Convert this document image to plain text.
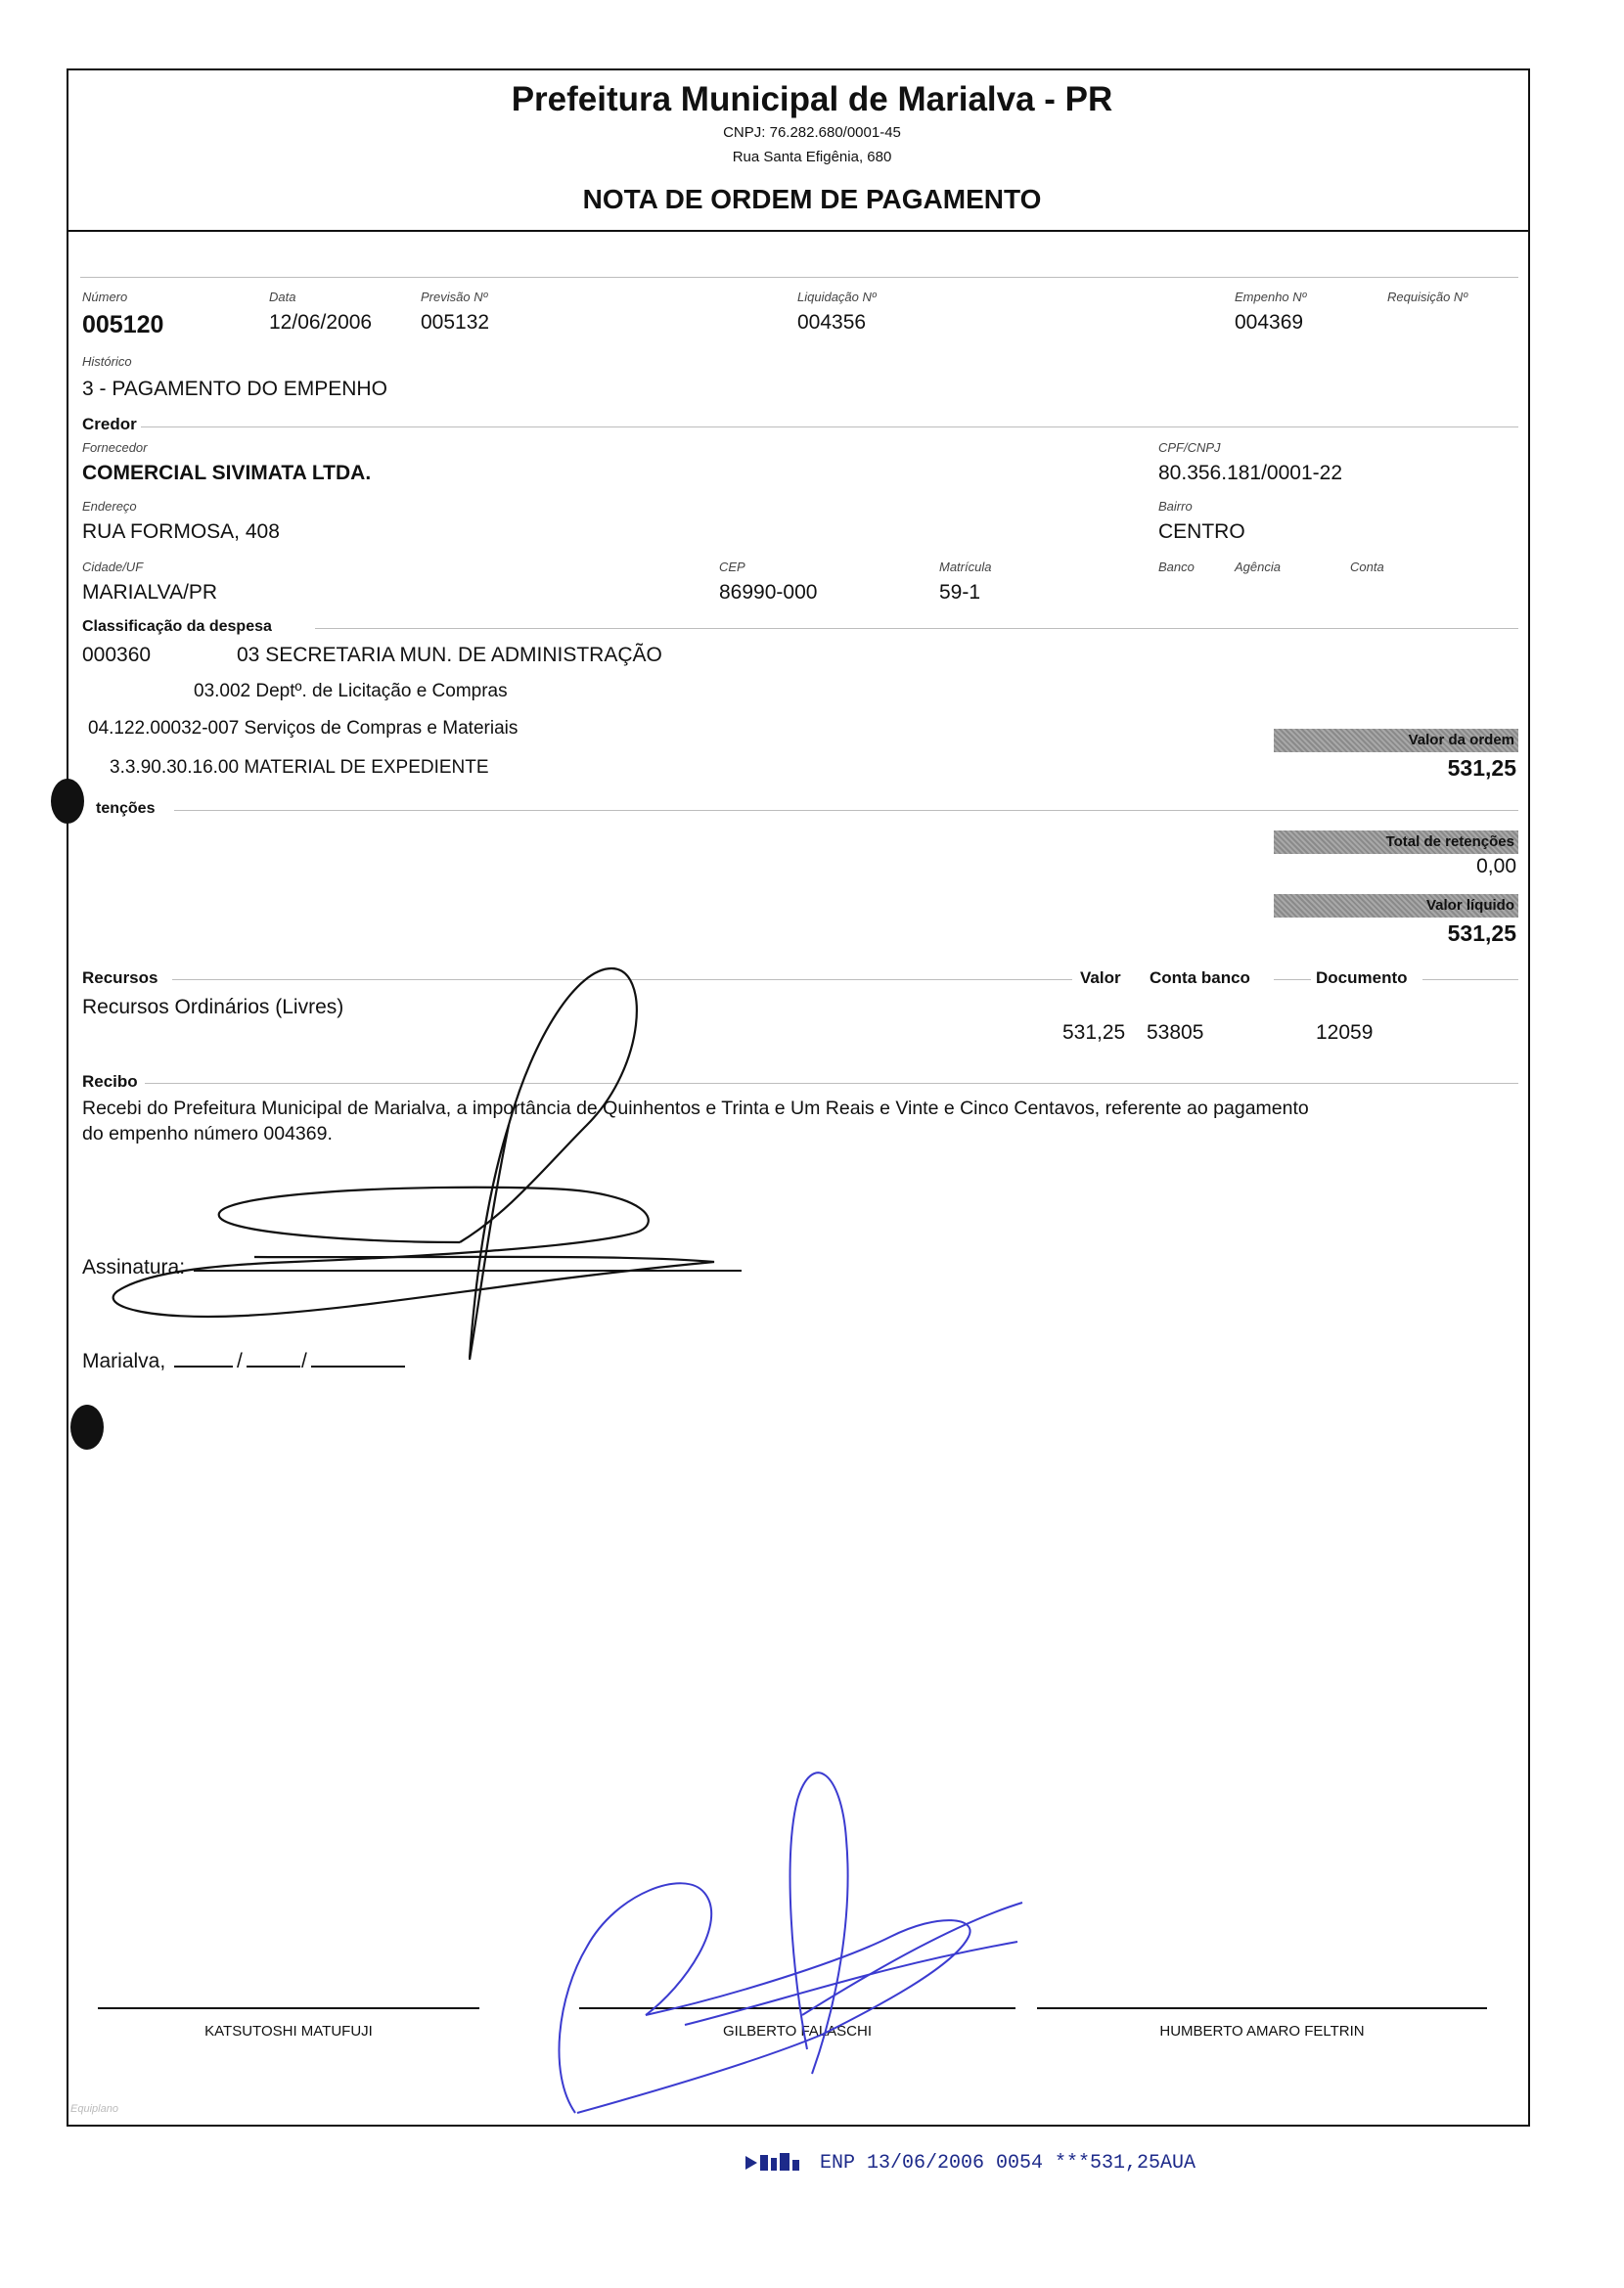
Prefeitura Municipal de Marialva - PR
CNPJ: 76.282.680/0001-45
Rua Santa Efigênia, 680
NOTA DE ORDEM DE PAGAMENTO
Número
005120
Data
12/06/2006
Previsão Nº
005132
Liquidação Nº
004356
Empenho Nº
004369
Requisição Nº
Histórico
3 - PAGAMENTO DO EMPENHO
Credor
Fornecedor
COMERCIAL SIVIMATA LTDA.
CPF/CNPJ
80.356.181/0001-22
Endereço
RUA FORMOSA, 408
Bairro
CENTRO
Cidade/UF
MARIALVA/PR
CEP
86990-000
Matrícula
59-1
Banco	Agência	Conta
Classificação da despesa
000360	03 SECRETARIA MUN. DE ADMINISTRAÇÃO
03.002 Deptº. de Licitação e Compras
04.122.00032-007 Serviços de Compras e Materiais
3.3.90.30.16.00 MATERIAL DE EXPEDIENTE
Valor da ordem
531,25
tenções
Total de retenções
0,00
Valor líquido
531,25
Recursos	Valor Conta banco	Documento
Recursos Ordinários (Livres)
531,25 53805	12059
Recibo
Recebi do Prefeitura Municipal de Marialva, a importância de Quinhentos e Trinta e Um Reais e Vinte e Cinco Centavos, referente ao pagamento
do empenho número 004369.
Assinatura:
Marialva,	/	/
KATSUTOSHI MATUFUJI	GILBERTO FALASCHI	HUMBERTO AMARO FELTRIN
Equiplano
ENP 13/06/2006 0054 ***531,25AUA
